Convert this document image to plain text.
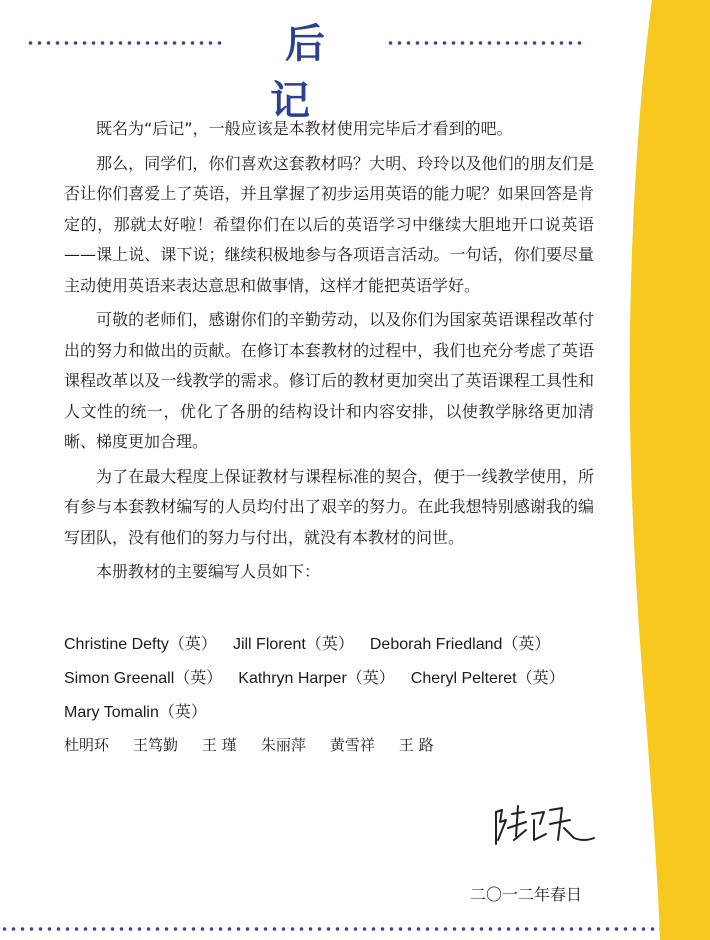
后 记

既名为“后记”，一般应该是本教材使用完毕后才看到的吧。

那么，同学们，你们喜欢这套教材吗？大明、玲玲以及他们的朋友们是否让你们喜爱上了英语，并且掌握了初步运用英语的能力呢？如果回答是肯定的，那就太好啦！希望你们在以后的英语学习中继续大胆地开口说英语——课上说、课下说；继续积极地参与各项语言活动。一句话，你们要尽量主动使用英语来表达意思和做事情，这样才能把英语学好。

可敬的老师们，感谢你们的辛勤劳动，以及你们为国家英语课程改革付出的努力和做出的贡献。在修订本套教材的过程中，我们也充分考虑了英语课程改革以及一线教学的需求。修订后的教材更加突出了英语课程工具性和人文性的统一，优化了各册的结构设计和内容安排，以使教学脉络更加清晰、梯度更加合理。

为了在最大程度上保证教材与课程标准的契合，便于一线教学使用，所有参与本套教材编写的人员均付出了艰辛的努力。在此我想特别感谢我的编写团队，没有他们的努力与付出，就没有本教材的问世。

本册教材的主要编写人员如下：

Christine Defty（英） Jill Florent（英） Deborah Friedland（英）
Simon Greenall（英） Kathryn Harper（英） Cheryl Pelteret（英）
Mary Tomalin（英）
杜明环 王笃勤 王 瑾 朱丽萍 黄雪祥 王 路
二〇一二年春日
